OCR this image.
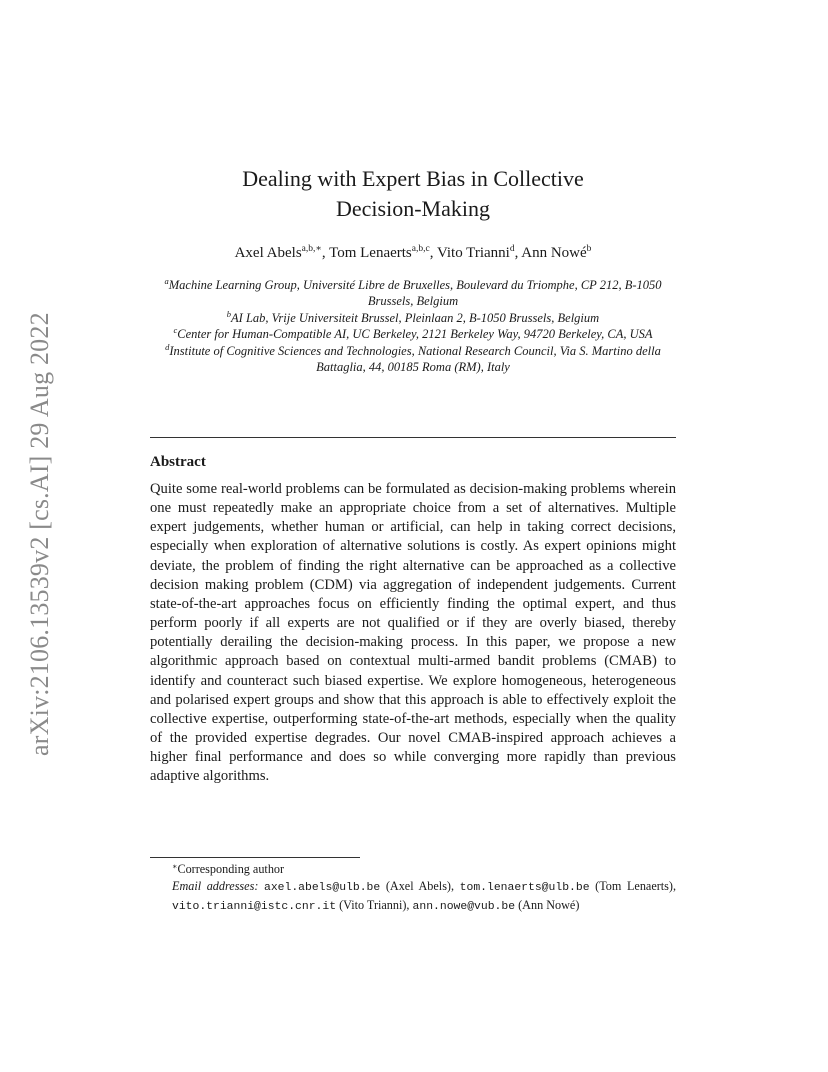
arXiv:2106.13539v2 [cs.AI] 29 Aug 2022
Dealing with Expert Bias in Collective
Decision-Making
Axel Abels$^{a,b,∗}$, Tom Lenaerts$^{a,b,c}$, Vito Trianni$^d$, Ann Nowé$^b$
$^a$Machine Learning Group, Université Libre de Bruxelles, Boulevard du Triomphe, CP 212, B-1050 Brussels, Belgium
$^b$AI Lab, Vrije Universiteit Brussel, Pleinlaan 2, B-1050 Brussels, Belgium
$^c$Center for Human-Compatible AI, UC Berkeley, 2121 Berkeley Way, 94720 Berkeley, CA, USA
$^d$Institute of Cognitive Sciences and Technologies, National Research Council, Via S. Martino della Battaglia, 44, 00185 Roma (RM), Italy
Abstract
Quite some real-world problems can be formulated as decision-making problems wherein one must repeatedly make an appropriate choice from a set of alternatives. Multiple expert judgements, whether human or artificial, can help in taking correct decisions, especially when exploration of alternative solutions is costly. As expert opinions might deviate, the problem of finding the right alternative can be approached as a collective decision making problem (CDM) via aggregation of independent judgements. Current state-of-the-art approaches focus on efficiently finding the optimal expert, and thus perform poorly if all experts are not qualified or if they are overly biased, thereby potentially derailing the decision-making process. In this paper, we propose a new algorithmic approach based on contextual multi-armed bandit problems (CMAB) to identify and counteract such biased expertise. We explore homogeneous, heterogeneous and polarised expert groups and show that this approach is able to effectively exploit the collective expertise, outperforming state-of-the-art methods, especially when the quality of the provided expertise degrades. Our novel CMAB-inspired approach achieves a higher final performance and does so while converging more rapidly than previous adaptive algorithms.
∗Corresponding author
Email addresses: axel.abels@ulb.be (Axel Abels), tom.lenaerts@ulb.be (Tom Lenaerts), vito.trianni@istc.cnr.it (Vito Trianni), ann.nowe@vub.be (Ann Nowé)
